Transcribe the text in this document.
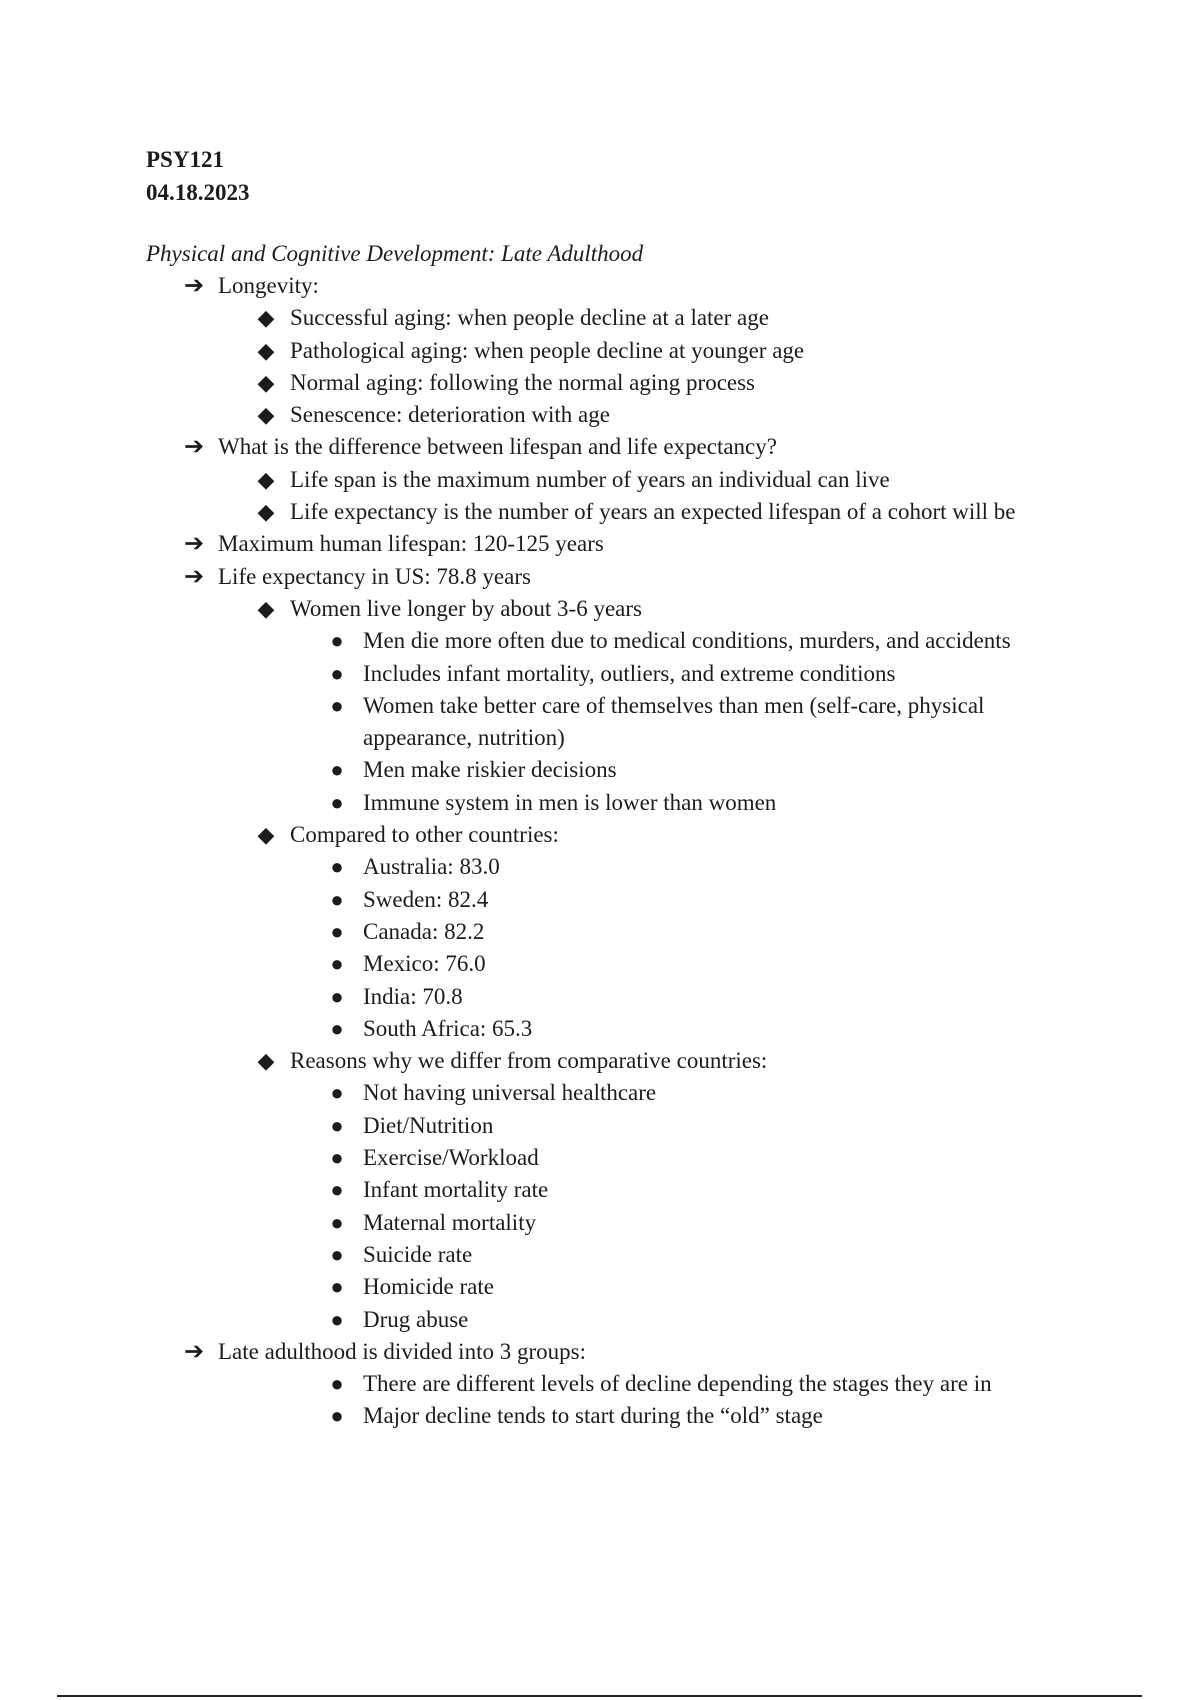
PSY121
04.18.2023
Physical and Cognitive Development: Late Adulthood
➔ Longevity:
◆ Successful aging: when people decline at a later age
◆ Pathological aging: when people decline at younger age
◆ Normal aging: following the normal aging process
◆ Senescence: deterioration with age
➔ What is the difference between lifespan and life expectancy?
◆ Life span is the maximum number of years an individual can live
◆ Life expectancy is the number of years an expected lifespan of a cohort will be
➔ Maximum human lifespan: 120-125 years
➔ Life expectancy in US: 78.8 years
◆ Women live longer by about 3-6 years
● Men die more often due to medical conditions, murders, and accidents
● Includes infant mortality, outliers, and extreme conditions
● Women take better care of themselves than men (self-care, physical appearance, nutrition)
● Men make riskier decisions
● Immune system in men is lower than women
◆ Compared to other countries:
● Australia: 83.0
● Sweden: 82.4
● Canada: 82.2
● Mexico: 76.0
● India: 70.8
● South Africa: 65.3
◆ Reasons why we differ from comparative countries:
● Not having universal healthcare
● Diet/Nutrition
● Exercise/Workload
● Infant mortality rate
● Maternal mortality
● Suicide rate
● Homicide rate
● Drug abuse
➔ Late adulthood is divided into 3 groups:
● There are different levels of decline depending the stages they are in
● Major decline tends to start during the “old” stage
